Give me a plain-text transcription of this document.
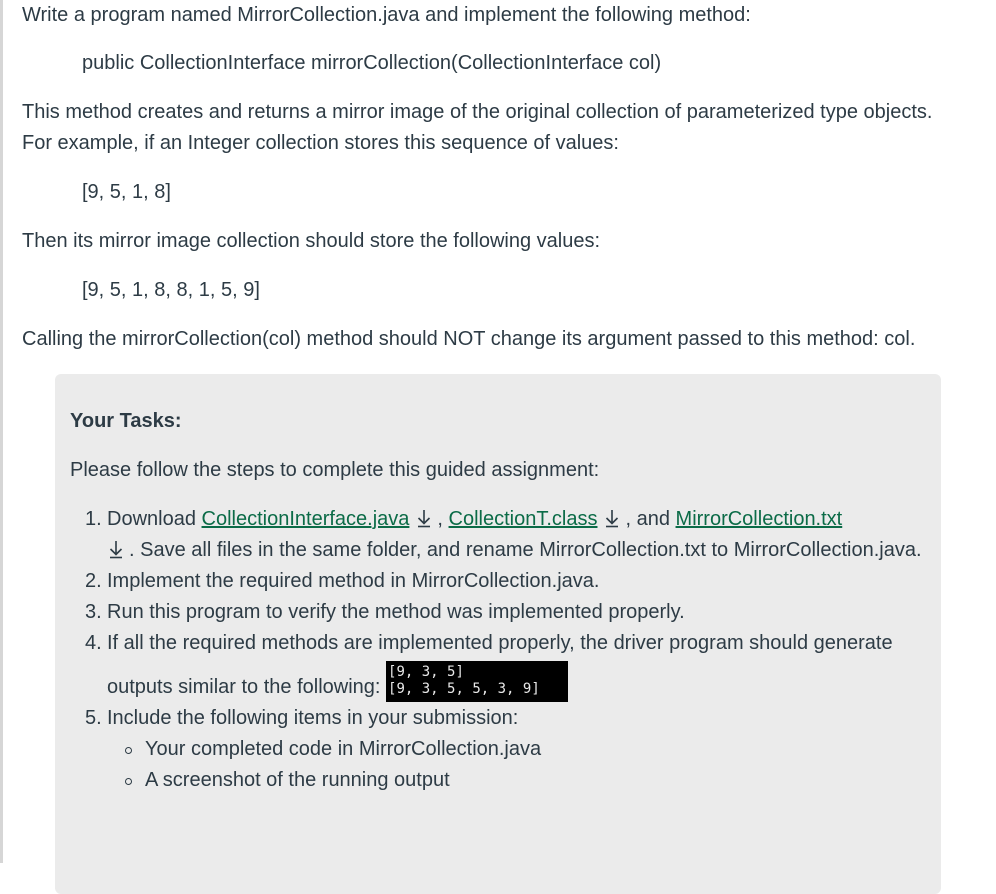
Write a program named MirrorCollection.java and implement the following method:

public CollectionInterface mirrorCollection(CollectionInterface col)

This method creates and returns a mirror image of the original collection of parameterized type objects.

For example, if an Integer collection stores this sequence of values:

[9, 5, 1, 8]

Then its mirror image collection should store the following values:

[9, 5, 1, 8, 8, 1, 5, 9]

Calling the mirrorCollection(col) method should NOT change its argument passed to this method: col.

Your Tasks:
Please follow the steps to complete this guided assignment:
1. Download CollectionInterface.java , CollectionT.class , and MirrorCollection.txt
. Save all files in the same folder, and rename MirrorCollection.txt to MirrorCollection.java.
2. Implement the required method in MirrorCollection.java.
3. Run this program to verify the method was implemented properly.
4. If all the required methods are implemented properly, the driver program should generate outputs similar to the following: [9, 3, 5]
[9, 3, 5, 5, 3, 9]
5. Include the following items in your submission:
Your completed code in MirrorCollection.java
A screenshot of the running output
